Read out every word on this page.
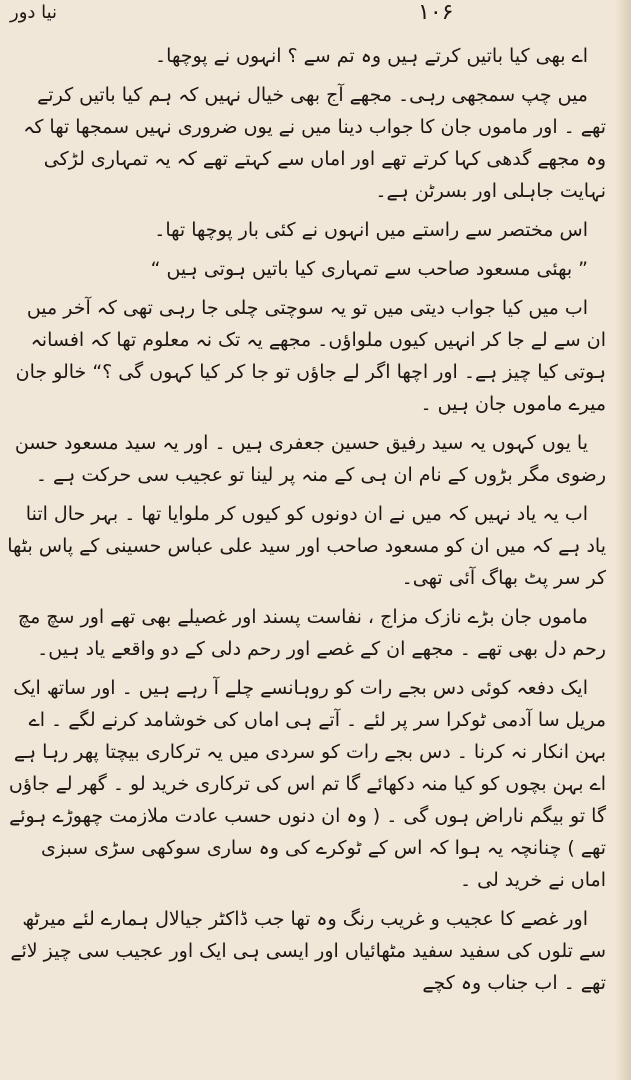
نیا دور	۱۰۶

اے بھی کیا باتیں کرتے ہیں وہ تم سے ؟ انہوں نے پوچھا۔

میں چپ سمجھی رہی۔ مجھے آج بھی خیال نہیں کہ ہم کیا باتیں کرتے تھے ۔ اور ماموں جان کا جواب دینا میں نے یوں ضروری نہیں سمجھا تھا کہ وہ مجھے گدھی کہا کرتے تھے اور اماں سے کہتے تھے کہ یہ تمہاری لڑکی نہایت جاہلی اور بسرٹن ہے۔

اس مختصر سے راستے میں انہوں نے کئی بار پوچھا تھا۔

” بھئی مسعود صاحب سے تمہاری کیا باتیں ہوتی ہیں “

اب میں کیا جواب دیتی میں تو یہ سوچتی چلی جا رہی تھی کہ آخر میں ان سے لے جا کر انہیں کیوں ملواؤں۔ مجھے یہ تک نہ معلوم تھا کہ افسانہ ہوتی کیا چیز ہے۔ اور اچھا اگر لے جاؤں تو جا کر کیا کہوں گی ؟“ خالو جان میرے ماموں جان ہیں ۔

یا یوں کہوں یہ سید رفیق حسین جعفری ہیں ۔ اور یہ سید مسعود حسن رضوی مگر بڑوں کے نام ان ہی کے منہ پر لینا تو عجیب سی حرکت ہے ۔

اب یہ یاد نہیں کہ میں نے ان دونوں کو کیوں کر ملوایا تھا ۔ بہر حال اتنا یاد ہے کہ میں ان کو مسعود صاحب اور سید علی عباس حسینی کے پاس بٹھا کر سر پٹ بھاگ آئی تھی۔

ماموں جان بڑے نازک مزاج ، نفاست پسند اور غصیلے بھی تھے اور سچ مچ رحم دل بھی تھے ۔ مجھے ان کے غصے اور رحم دلی کے دو واقعے یاد ہیں۔

ایک دفعہ کوئی دس بجے رات کو روہانسے چلے آ رہے ہیں ۔ اور ساتھ ایک مریل سا آدمی ٹوکرا سر پر لئے ۔ آتے ہی اماں کی خوشامد کرنے لگے ۔ اے بہن انکار نہ کرنا ۔ دس بجے رات کو سردی میں یہ ترکاری بیچتا پھر رہا ہے اے بہن بچوں کو کیا منہ دکھائے گا تم اس کی ترکاری خرید لو ۔ گھر لے جاؤں گا تو بیگم ناراض ہوں گی ۔ ( وہ ان دنوں حسب عادت ملازمت چھوڑے ہوئے تھے ) چنانچہ یہ ہوا کہ اس کے ٹوکرے کی وہ ساری سوکھی سڑی سبزی اماں نے خرید لی ۔

اور غصے کا عجیب و غریب رنگ وہ تھا جب ڈاکٹر جیالال ہمارے لئے میرٹھ سے تلوں کی سفید سفید مٹھائیاں اور ایسی ہی ایک اور عجیب سی چیز لائے تھے ۔ اب جناب وہ کچے
